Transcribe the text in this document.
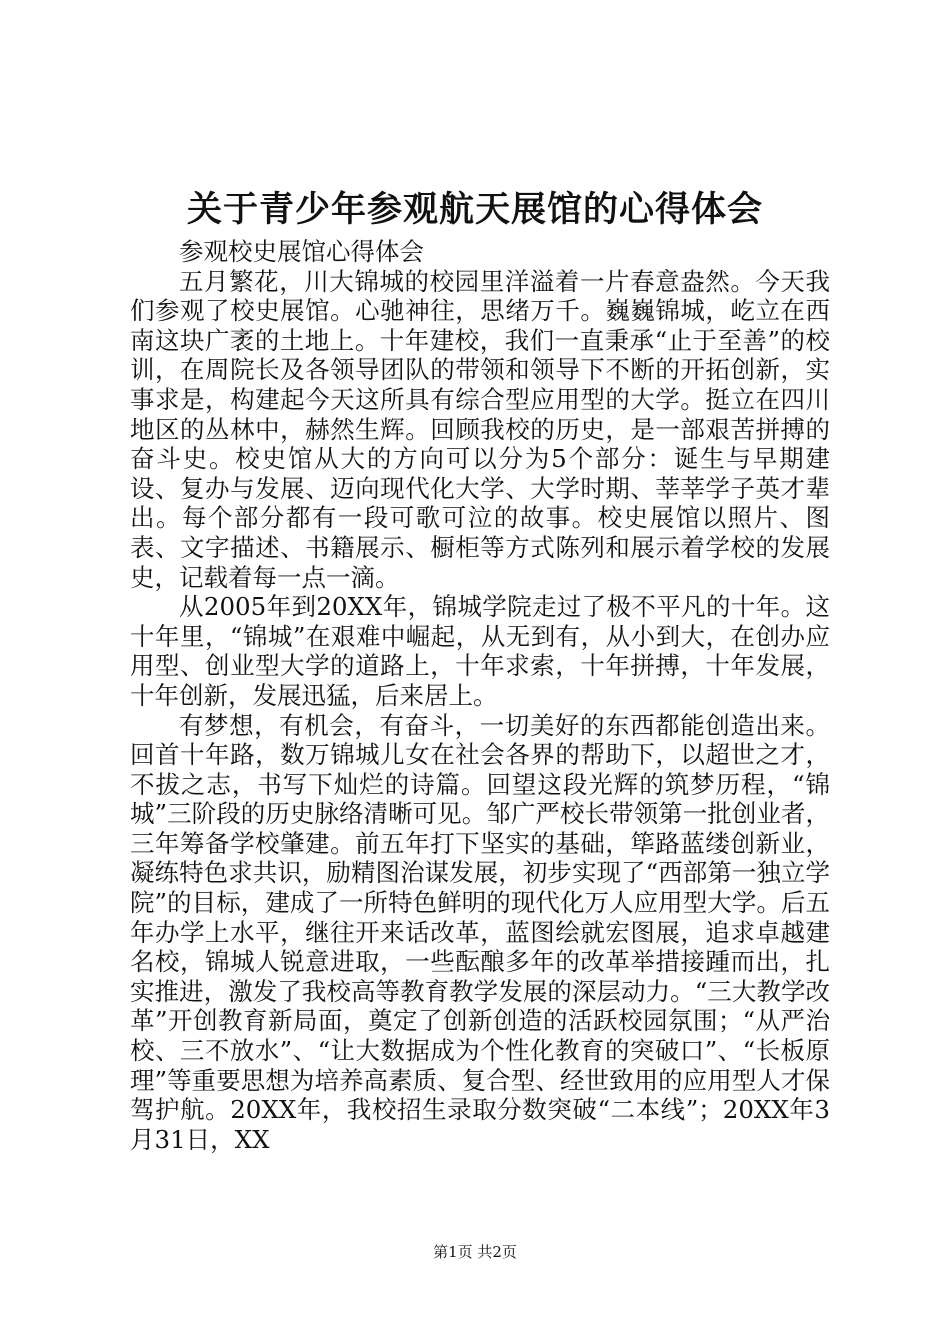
关于青少年参观航天展馆的心得体会

参观校史展馆心得体会

五月繁花，川大锦城的校园里洋溢着一片春意盎然。今天我们参观了校史展馆。心驰神往，思绪万千。巍巍锦城，屹立在西南这块广袤的土地上。十年建校，我们一直秉承“止于至善”的校训，在周院长及各领导团队的带领和领导下不断的开拓创新，实事求是，构建起今天这所具有综合型应用型的大学。挺立在四川地区的丛林中，赫然生辉。回顾我校的历史，是一部艰苦拼搏的奋斗史。校史馆从大的方向可以分为5个部分：诞生与早期建设、复办与发展、迈向现代化大学、大学时期、莘莘学子英才辈出。每个部分都有一段可歌可泣的故事。校史展馆以照片、图表、文字描述、书籍展示、橱柜等方式陈列和展示着学校的发展史，记载着每一点一滴。

从2005年到20XX年，锦城学院走过了极不平凡的十年。这十年里，“锦城”在艰难中崛起，从无到有，从小到大，在创办应用型、创业型大学的道路上，十年求索，十年拼搏，十年发展，十年创新，发展迅猛，后来居上。

有梦想，有机会，有奋斗，一切美好的东西都能创造出来。回首十年路，数万锦城儿女在社会各界的帮助下，以超世之才，不拔之志，书写下灿烂的诗篇。回望这段光辉的筑梦历程，“锦城”三阶段的历史脉络清晰可见。邹广严校长带领第一批创业者，三年筹备学校肇建。前五年打下坚实的基础，筚路蓝缕创新业，凝练特色求共识，励精图治谋发展，初步实现了“西部第一独立学院”的目标，建成了一所特色鲜明的现代化万人应用型大学。后五年办学上水平，继往开来话改革，蓝图绘就宏图展，追求卓越建名校，锦城人锐意进取，一些酝酿多年的改革举措接踵而出，扎实推进，激发了我校高等教育教学发展的深层动力。“三大教学改革”开创教育新局面，奠定了创新创造的活跃校园氛围；“从严治校、三不放水”、“让大数据成为个性化教育的突破口”、“长板原理”等重要思想为培养高素质、复合型、经世致用的应用型人才保驾护航。20XX年，我校招生录取分数突破“二本线”；20XX年3月31日，XX

第1页 共2页
